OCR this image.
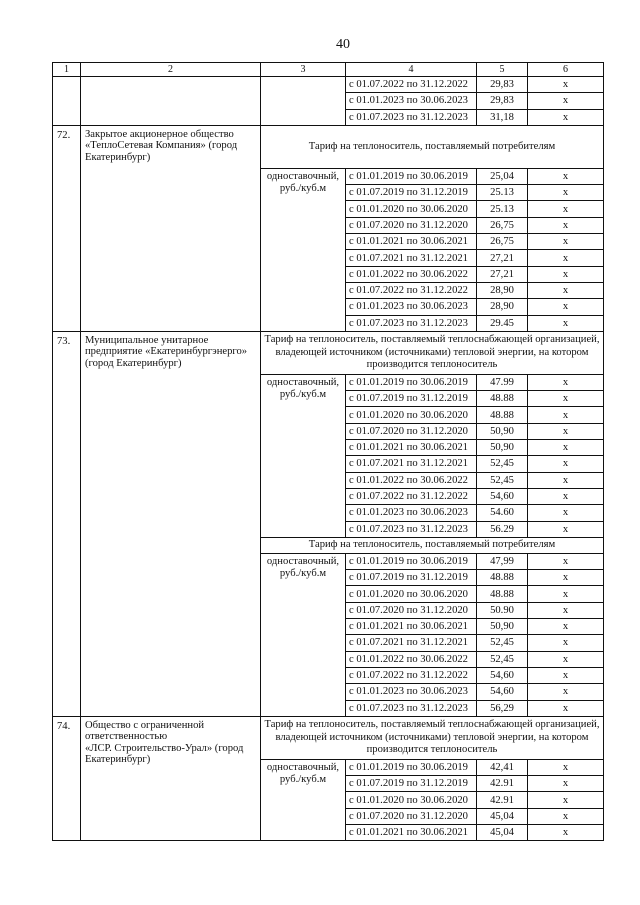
40
1	2	3	4	5	6
			с 01.07.2022 по 31.12.2022	29,83	х
			с 01.01.2023 по 30.06.2023	29,83	х
			с 01.07.2023 по 31.12.2023	31,18	х
72.	Закрытое акционерное общество
«ТеплоСетевая Компания» (город
Екатеринбург)	Тариф на теплоноситель, поставляемый потребителям			

		одноставочный,
руб./куб.м	с 01.01.2019 по 30.06.2019	25,04	х
			с 01.07.2019 по 31.12.2019	25.13	х
			с 01.01.2020 по 30.06.2020	25.13	х
			с 01.07.2020 по 31.12.2020	26,75	х
			с 01.01.2021 по 30.06.2021	26,75	х
			с 01.07.2021 по 31.12.2021	27,21	х
			с 01.01.2022 по 30.06.2022	27,21	х
			с 01.07.2022 по 31.12.2022	28,90	х
			с 01.01.2023 по 30.06.2023	28,90	х
			с 01.07.2023 по 31.12.2023	29.45	х
73.	Муниципальное унитарное
предприятие «Екатеринбургэнерго»
(город Екатеринбург)	Тариф на теплоноситель, поставляемый теплоснабжающей организацией,
владеющей источником (источниками) тепловой энергии, на котором
производится теплоноситель			

		одноставочный,
руб./куб.м	с 01.01.2019 по 30.06.2019	47.99	х
			с 01.07.2019 по 31.12.2019	48.88	х
			с 01.01.2020 по 30.06.2020	48.88	х
			с 01.07.2020 по 31.12.2020	50,90	х
			с 01.01.2021 по 30.06.2021	50,90	х
			с 01.07.2021 по 31.12.2021	52,45	х
			с 01.01.2022 по 30.06.2022	52,45	х
			с 01.07.2022 по 31.12.2022	54,60	х
			с 01.01.2023 по 30.06.2023	54.60	х
			с 01.07.2023 по 31.12.2023	56.29	х

		Тариф на теплоноситель, поставляемый потребителям			

		одноставочный,
руб./куб.м	с 01.01.2019 по 30.06.2019	47,99	х
			с 01.07.2019 по 31.12.2019	48.88	х
			с 01.01.2020 по 30.06.2020	48.88	х
			с 01.07.2020 по 31.12.2020	50.90	х
			с 01.01.2021 по 30.06.2021	50,90	х
			с 01.07.2021 по 31.12.2021	52,45	х
			с 01.01.2022 по 30.06.2022	52,45	х
			с 01.07.2022 по 31.12.2022	54,60	х
			с 01.01.2023 по 30.06.2023	54,60	х
			с 01.07.2023 по 31.12.2023	56,29	х
74.	Общество с ограниченной
ответственностью
«ЛСР. Строительство-Урал» (город
Екатеринбург)	Тариф на теплоноситель, поставляемый теплоснабжающей организацией,
владеющей источником (источниками) тепловой энергии, на котором
производится теплоноситель			

		одноставочный,
руб./куб.м	с 01.01.2019 по 30.06.2019	42,41	х
			с 01.07.2019 по 31.12.2019	42.91	х
			с 01.01.2020 по 30.06.2020	42.91	х
			с 01.07.2020 по 31.12.2020	45,04	х
			с 01.01.2021 по 30.06.2021	45,04	х
